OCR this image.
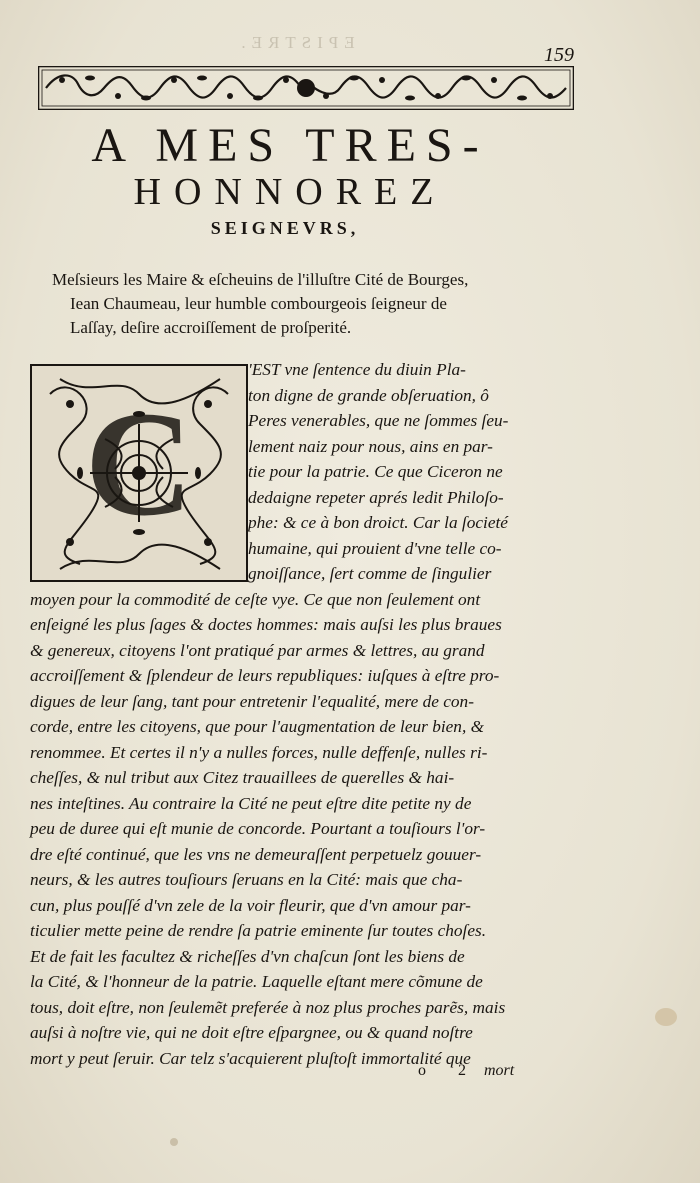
EPISTRE.
159
A MES TRES-
HONNOREZ
SEIGNEVRS,
Meſsieurs les Maire & eſcheuins de l'illuſtre Cité de Bourges,
Iean Chaumeau, leur humble combourgeois ſeigneur de
Laſſay, deſire accroiſſement de proſperité.
C
'EST vne ſentence du diuin Pla-
ton digne de grande obſeruation, ô
Peres venerables, que ne ſommes ſeu-
lement naiz pour nous, ains en par-
tie pour la patrie. Ce que Ciceron ne
dedaigne repeter aprés ledit Philoſo-
phe: & ce à bon droict. Car la ſocieté
humaine, qui prouient d'vne telle co-
gnoiſſance, ſert comme de ſingulier
moyen pour la commodité de ceſte vye. Ce que non ſeulement ont
enſeigné les plus ſages & doctes hommes: mais auſsi les plus braues
& genereux, citoyens l'ont pratiqué par armes & lettres, au grand
accroiſſement & ſplendeur de leurs republiques: iuſques à eſtre pro-
digues de leur ſang, tant pour entretenir l'equalité, mere de con-
corde, entre les citoyens, que pour l'augmentation de leur bien, &
renommee. Et certes il n'y a nulles forces, nulle deffenſe, nulles ri-
cheſſes, & nul tribut aux Citez trauaillees de querelles & hai-
nes inteſtines. Au contraire la Cité ne peut eſtre dite petite ny de
peu de duree qui eſt munie de concorde. Pourtant a touſiours l'or-
dre eſté continué, que les vns ne demeuraſſent perpetuelz gouuer-
neurs, & les autres touſiours ſeruans en la Cité: mais que cha-
cun, plus pouſſé d'vn zele de la voir fleurir, que d'vn amour par-
ticulier mette peine de rendre ſa patrie eminente ſur toutes choſes.
Et de fait les facultez & richeſſes d'vn chaſcun ſont les biens de
la Cité, & l'honneur de la patrie. Laquelle eſtant mere cõmune de
tous, doit eſtre, non ſeulemẽt preferée à noz plus proches parẽs, mais
auſsi à noſtre vie, qui ne doit eſtre eſpargnee, ou & quand noſtre
mort y peut ſeruir. Car telz s'acquierent pluſtoſt immortalité que
o 2 mort
